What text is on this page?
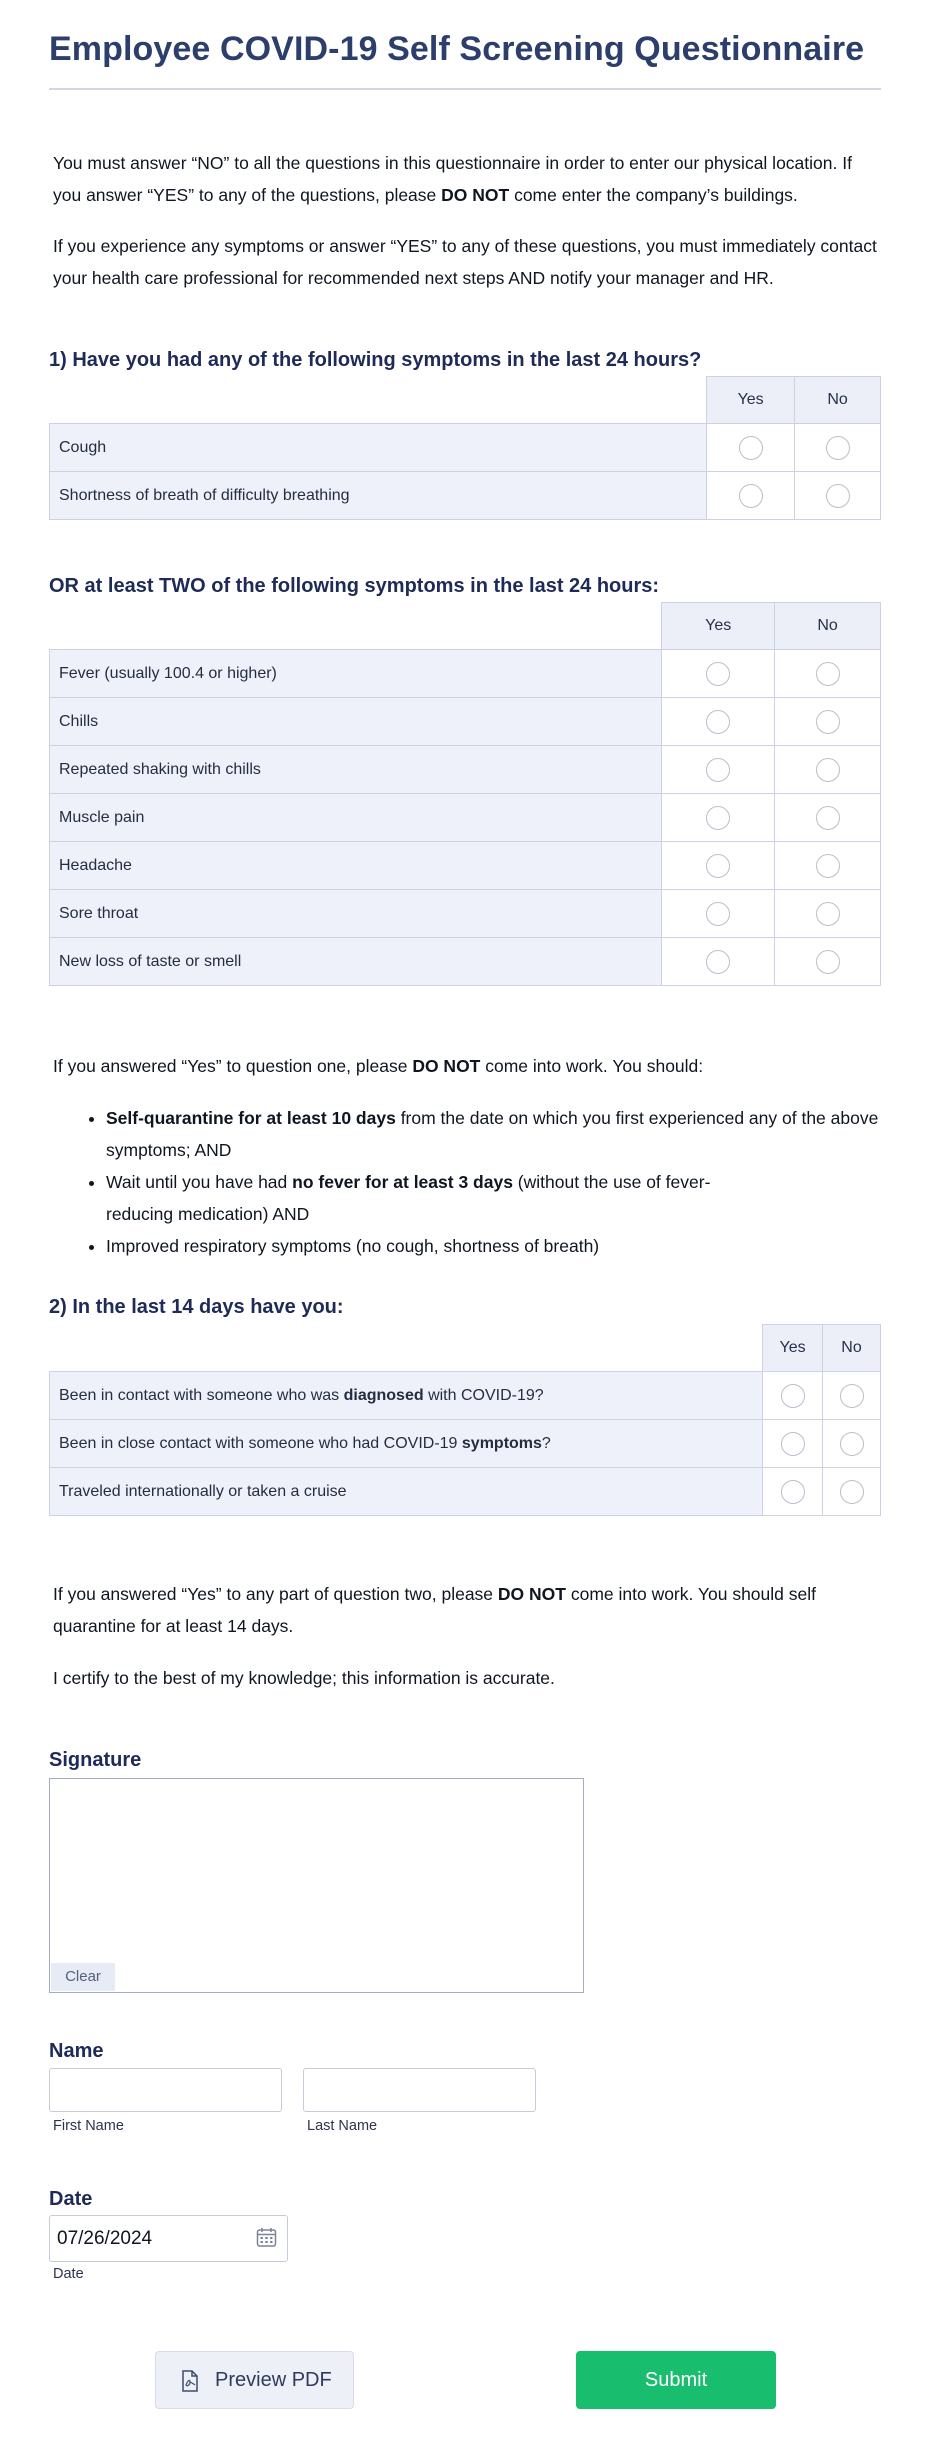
Employee COVID-19 Self Screening Questionnaire

You must answer “NO” to all the questions in this questionnaire in order to enter our physical location. If you answer “YES” to any of the questions, please DO NOT come enter the company’s buildings.

If you experience any symptoms or answer “YES” to any of these questions, you must immediately contact your health care professional for recommended next steps AND notify your manager and HR.

1) Have you had any of the following symptoms in the last 24 hours?
	Yes	No
Cough		
Shortness of breath of difficulty breathing		
OR at least TWO of the following symptoms in the last 24 hours:
	Yes	No
Fever (usually 100.4 or higher)		
Chills		
Repeated shaking with chills		
Muscle pain		
Headache		
Sore throat		
New loss of taste or smell		

If you answered “Yes” to question one, please DO NOT come into work. You should:

• Self-quarantine for at least 10 days from the date on which you first experienced any of the above symptoms; AND
• Wait until you have had no fever for at least 3 days (without the use of fever-
reducing medication) AND
• Improved respiratory symptoms (no cough, shortness of breath)
2) In the last 14 days have you:
	Yes	No
Been in contact with someone who was diagnosed with COVID-19?		
Been in close contact with someone who had COVID-19 symptoms?		
Traveled internationally or taken a cruise		

If you answered “Yes” to any part of question two, please DO NOT come into work. You should self quarantine for at least 14 days.

I certify to the best of my knowledge; this information is accurate.

Signature
Clear
Name
First Name	Last Name
Date
07/26/2024
Date
Preview PDF	Submit
